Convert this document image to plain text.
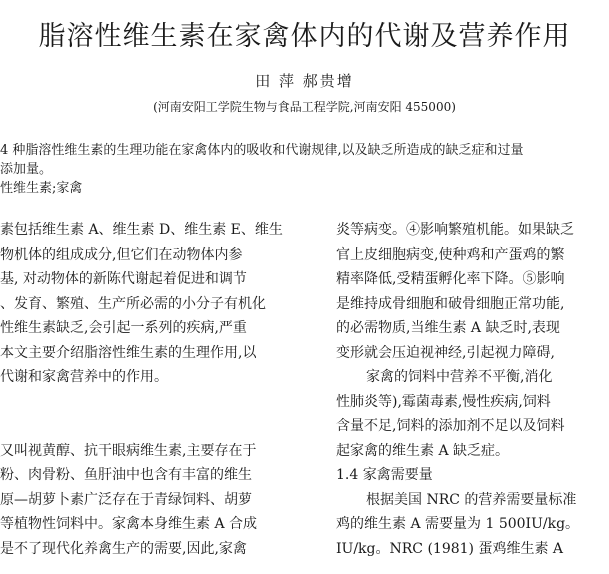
脂溶性维生素在家禽体内的代谢及营养作用
田 萍 郝贵增
(河南安阳工学院生物与食品工程学院,河南安阳 455000)
4 种脂溶性维生素的生理功能在家禽体内的吸收和代谢规律,以及缺乏所造成的缺乏症和过量
添加量。
性维生素;家禽
素包括维生素 A、维生素 D、维生素 E、维生
物机体的组成成分,但它们在动物体内参
基, 对动物体的新陈代谢起着促进和调节
、发育、繁殖、生产所必需的小分子有机化
性维生素缺乏,会引起一系列的疾病,严重
本文主要介绍脂溶性维生素的生理作用,以
代谢和家禽营养中的作用。
又叫视黄醇、抗干眼病维生素,主要存在于
粉、肉骨粉、鱼肝油中也含有丰富的维生
原—胡萝卜素广泛存在于青绿饲料、胡萝
等植物性饲料中。家禽本身维生素 A 合成
是不了现代化养禽生产的需要,因此,家禽
炎等病变。④影响繁殖机能。如果缺乏
官上皮细胞病变,使种鸡和产蛋鸡的繁
精率降低,受精蛋孵化率下降。⑤影响
是维持成骨细胞和破骨细胞正常功能,
的必需物质,当维生素 A 缺乏时,表现
变形就会压迫视神经,引起视力障碍,
家禽的饲料中营养不平衡,消化
性肺炎等),霉菌毒素,慢性疾病,饲料
含量不足,饲料的添加剂不足以及饲料
起家禽的维生素 A 缺乏症。
1.4 家禽需要量
根据美国 NRC 的营养需要量标准
鸡的维生素 A 需要量为 1 500IU/kg。
IU/kg。NRC (1981) 蛋鸡维生素 A
